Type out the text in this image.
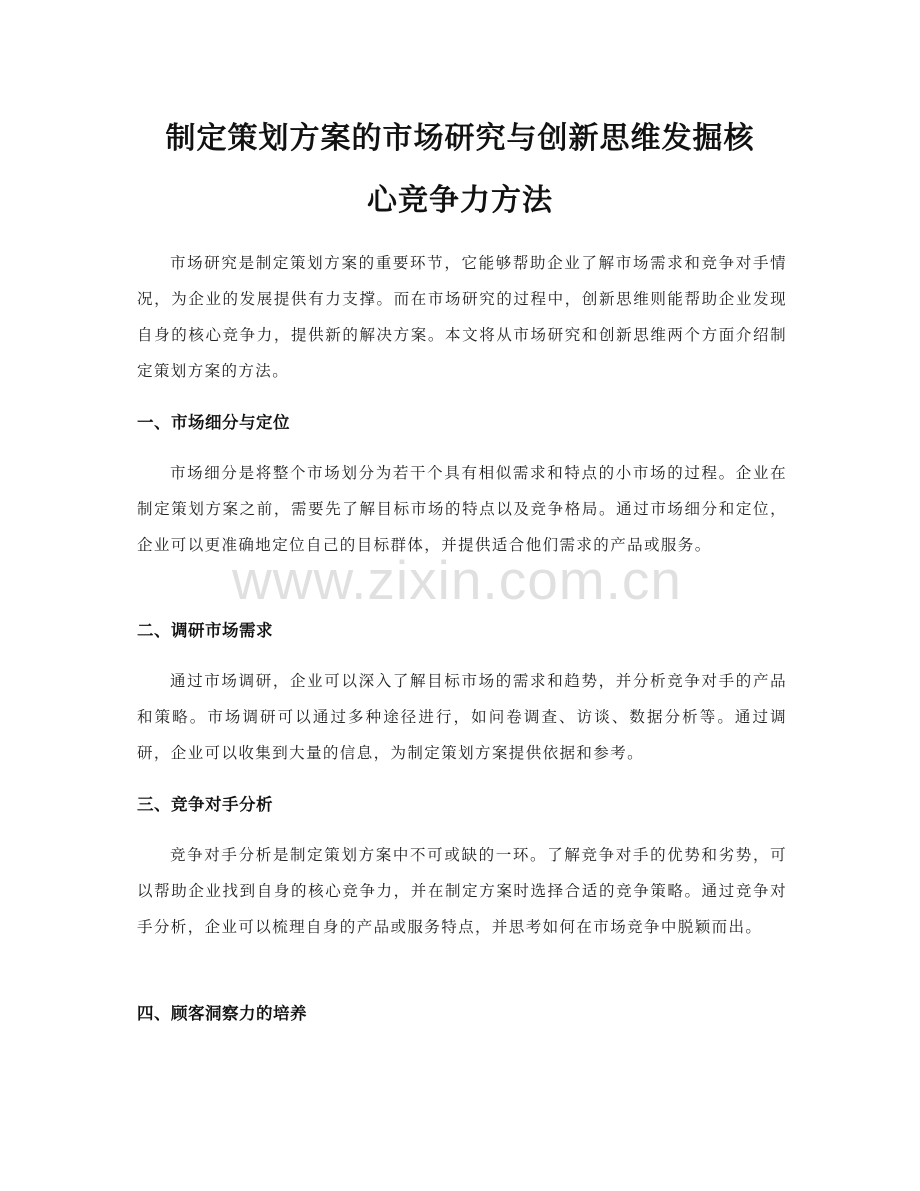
制定策划方案的市场研究与创新思维发掘核
心竞争力方法

市场研究是制定策划方案的重要环节，它能够帮助企业了解市场需求和竞争对手情况，为企业的发展提供有力支撑。而在市场研究的过程中，创新思维则能帮助企业发现自身的核心竞争力，提供新的解决方案。本文将从市场研究和创新思维两个方面介绍制定策划方案的方法。

一、市场细分与定位

市场细分是将整个市场划分为若干个具有相似需求和特点的小市场的过程。企业在制定策划方案之前，需要先了解目标市场的特点以及竞争格局。通过市场细分和定位，企业可以更准确地定位自己的目标群体，并提供适合他们需求的产品或服务。

二、调研市场需求

通过市场调研，企业可以深入了解目标市场的需求和趋势，并分析竞争对手的产品和策略。市场调研可以通过多种途径进行，如问卷调查、访谈、数据分析等。通过调研，企业可以收集到大量的信息，为制定策划方案提供依据和参考。

三、竞争对手分析

竞争对手分析是制定策划方案中不可或缺的一环。了解竞争对手的优势和劣势，可以帮助企业找到自身的核心竞争力，并在制定方案时选择合适的竞争策略。通过竞争对手分析，企业可以梳理自身的产品或服务特点，并思考如何在市场竞争中脱颖而出。

四、顾客洞察力的培养
www.zixin.com.cn
